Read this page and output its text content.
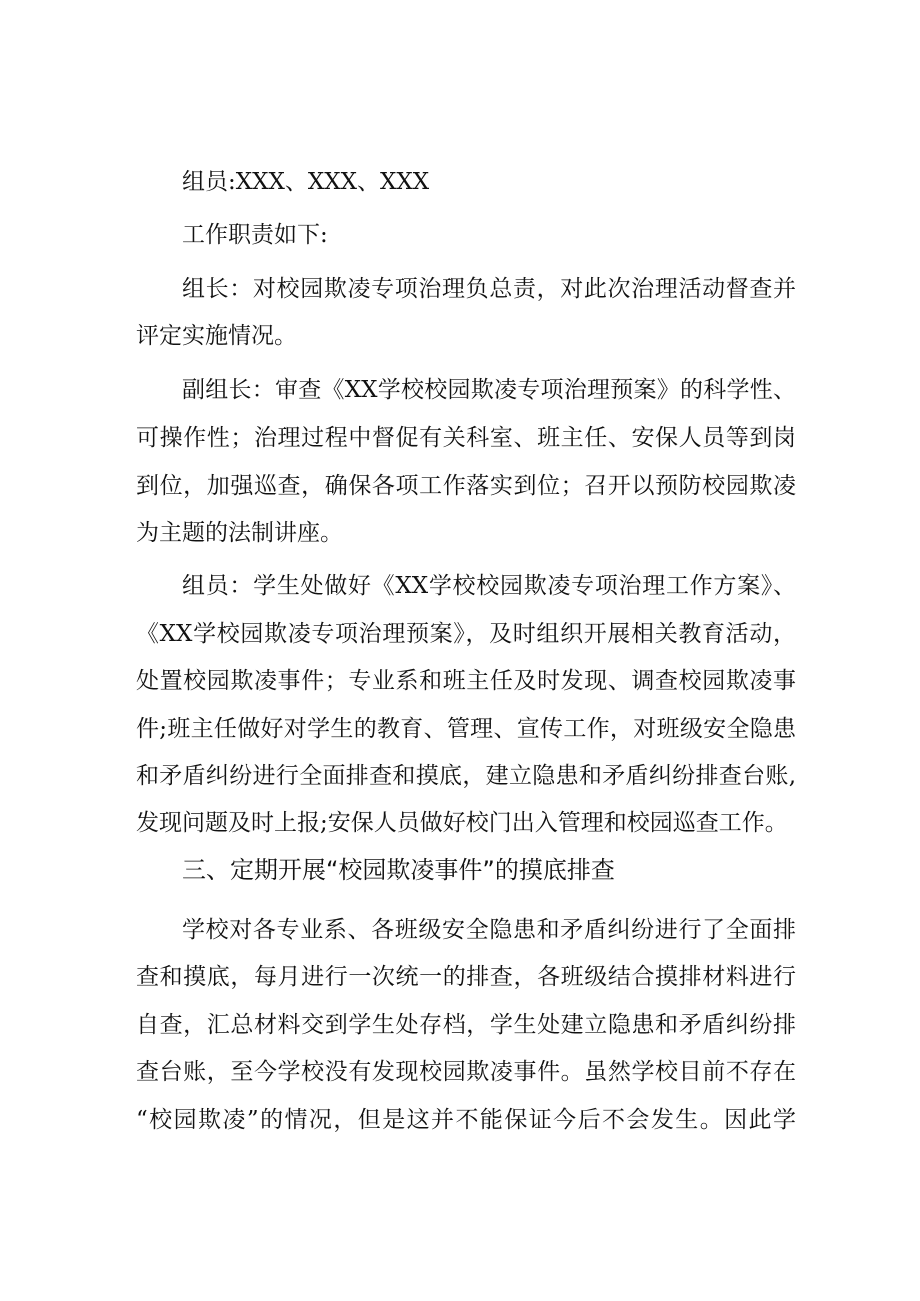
组员:XXX、XXX、XXX
工作职责如下:
组长：对校园欺凌专项治理负总责，对此次治理活动督查并
评定实施情况。
副组长：审查《XX学校校园欺凌专项治理预案》的科学性、
可操作性；治理过程中督促有关科室、班主任、安保人员等到岗
到位，加强巡查，确保各项工作落实到位；召开以预防校园欺凌
为主题的法制讲座。
组员：学生处做好《XX学校校园欺凌专项治理工作方案》、
《XX学校园欺凌专项治理预案》，及时组织开展相关教育活动，
处置校园欺凌事件；专业系和班主任及时发现、调查校园欺凌事
件;班主任做好对学生的教育、管理、宣传工作，对班级安全隐患
和矛盾纠纷进行全面排查和摸底，建立隐患和矛盾纠纷排查台账,
发现问题及时上报;安保人员做好校门出入管理和校园巡查工作。
三、定期开展“校园欺凌事件”的摸底排查
学校对各专业系、各班级安全隐患和矛盾纠纷进行了全面排
查和摸底，每月进行一次统一的排查，各班级结合摸排材料进行
自查，汇总材料交到学生处存档，学生处建立隐患和矛盾纠纷排
查台账，至今学校没有发现校园欺凌事件。虽然学校目前不存在
“校园欺凌”的情况，但是这并不能保证今后不会发生。因此学
